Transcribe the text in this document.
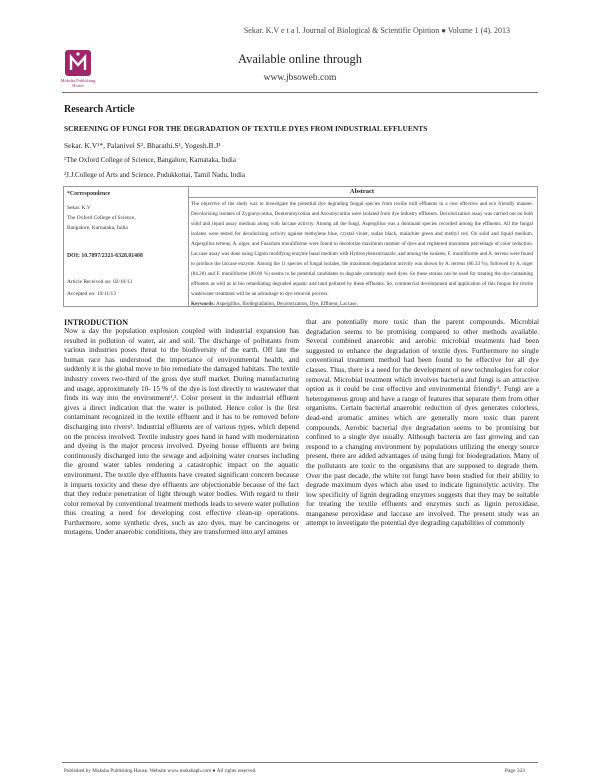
Sekar. K.V e t a l. Journal of Biological & Scientific Opinion ● Volume 1 (4). 2013
Moksha Publishing House
Available online through
www.jbsoweb.com
Research Article
SCREENING OF FUNGI FOR THE DEGRADATION OF TEXTILE DYES FROM INDUSTRIAL EFFLUENTS
Sekar. K.V¹*, Palanivel S², Bharathi.S¹, Yogesh.B.J¹
¹The Oxford College of Science, Bangalore, Karnataka, India
²J.J.College of Arts and Science, Pudukkottai, Tamil Nadu, India
Abstract
The objective of the study was to investigate the potential dye degrading fungal species from textile mill effluents in a cost effective and eco friendly manner. Decolorizing isolates of Zygomycotina, Deuteromycotina and Ascomycotina were isolated from dye industry effluents. Decolorization assay was carried out on both solid and liquid assay medium along with laccase activity. Among all the fungi, Aspergillus was a dominant species recorded among the effluents. All the fungal isolates were tested for decolorizing activity against methylene blue, crystal violet, sudan black, malachite green and methyl red. On solid and liquid medium, Aspergillus terreus, A. niger, and Fusarium moniliforme were found to decolorize maximum number of dyes and registered maximum percentage of color reduction. Laccase assay was done using Lignin modifying enzyme basal medium with Hydroxybenzotriazole, and among the isolates, F. moniliforme and A. terreus were found to produce the laccase enzyme. Among the 11 species of fungal isolates, the maximum degradation activity was shown by A. terreus (86.33 %), followed by A. niger (84.20) and F. moniliforme (80.00 %) seems to be potential candidates to degrade commonly used dyes. So these strains can be used for treating the dye containing effluents as well as in bio remediating degraded aquatic and land polluted by these effluents. So, commercial development and application of this fungus for textile wastewater treatment will be an advantage to dye removal process.
Keywords: Aspergillus, Biodegradation, Decolorization, Dye, Effluent, Laccase,
*Correspondence
Sekar. K.V
The Oxford College of Science,
Bangalore, Karnataka, India
DOI: 10.7897/2321-6328.01408
Article Received on: 02/10/13
Accepted on: 10/11/13
INTRODUCTION
Now a day the population explosion coupled with industrial expansion has resulted in pollution of water, air and soil. The discharge of pollutants from various industries poses threat to the biodiversity of the earth. Off late the human race has understood the importance of environmental health, and suddenly it is the global move to bio remediate the damaged habitats. The textile industry covers two-third of the gross dye stuff market. During manufacturing and usage, approximately 10- 15 % of the dye is lost directly to wastewater that finds its way into the environment¹,². Color present in the industrial effluent gives a direct indication that the water is polluted. Hence color is the first contaminant recognized in the textile effluent and it has to be removed before discharging into rivers³. Industrial effluents are of various types, which depend on the process involved. Textile industry goes hand in hand with modernization and dyeing is the major process involved. Dyeing house effluents are being continuously discharged into the sewage and adjoining water courses including the ground water tables rendering a catastrophic impact on the aquatic environment. The textile dye effluents have created significant concern because it imparts toxicity and these dye effluents are objectionable because of the fact that they reduce penetration of light through water bodies. With regard to their color removal by conventional treatment methods leads to severe water pollution thus creating a need for developing cost effective clean-up operations. Furthermore, some synthetic dyes, such as azo dyes, may be carcinogens or mutagens. Under anaerobic conditions, they are transformed into aryl amines
that are potentially more toxic than the parent compounds. Microbial degradation seems to be promising compared to other methods available. Several combined anaerobic and aerobic microbial treatments had been suggested to enhance the degradation of textile dyes. Furthermore no single conventional treatment method had been found to be effective for all dye classes. Thus, there is a need for the development of new technologies for color removal. Microbial treatment which involves bacteria and fungi is an attractive option as it could be cost effective and environmental friendly⁴. Fungi are a heterogeneous group and have a range of features that separate them from other organisms. Certain bacterial anaerobic reduction of dyes generates colorless, dead-end aromatic amines which are generally more toxic than parent compounds. Aerobic bacterial dye degradation seems to be promising but confined to a single dye usually. Although bacteria are fast growing and can respond to a changing environment by populations utilizing the energy source present, there are added advantages of using fungi for biodegradation. Many of the pollutants are toxic to the organisms that are supposed to degrade them. Over the past decade, the white rot fungi have been studied for their ability to degrade maximum dyes which also used to indicate ligninolytic activity. The low specificity of lignin degrading enzymes suggests that they may be suitable for treating the textile effluents and enzymes such as lignin peroxidase, manganese peroxidase and laccase are involved. The present study was an attempt to investigate the potential dye degrading capabilities of commonly
Published by Moksha Publishing House. Website www.mokshaph.com ● All rights reserved.	Page 323
